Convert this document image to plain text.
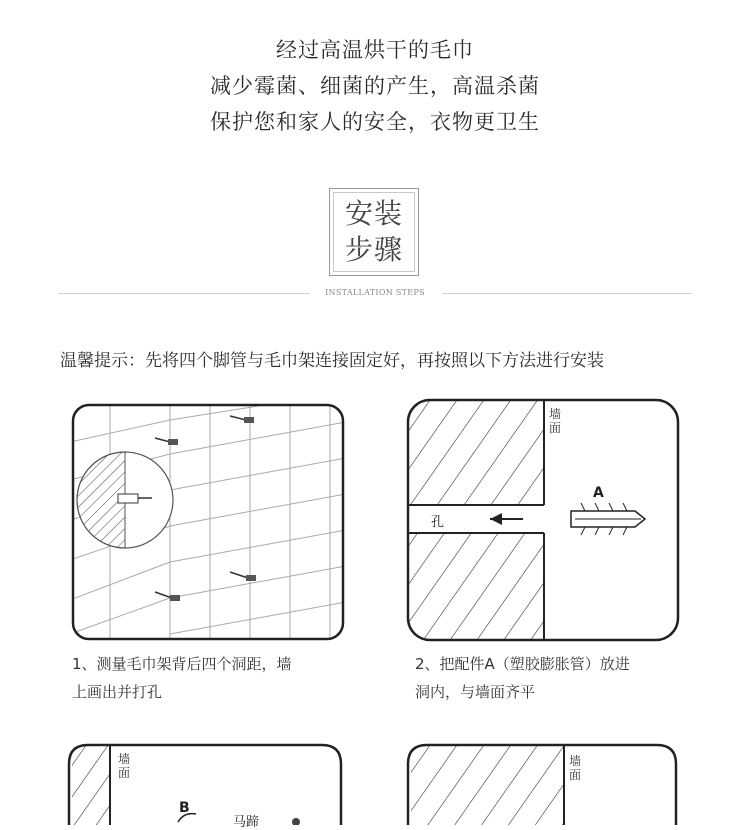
经过高温烘干的毛巾
减少霉菌、细菌的产生，高温杀菌
保护您和家人的安全，衣物更卫生
安装
步骤
INSTALLATION STEPS
温馨提示：先将四个脚管与毛巾架连接固定好，再按照以下方法进行安装
1、测量毛巾架背后四个洞距，墙
上画出并打孔
墙面
孔
A
2、把配件A（塑胶膨胀管）放进
洞内，与墙面齐平
墙面
B
马蹄
墙面
